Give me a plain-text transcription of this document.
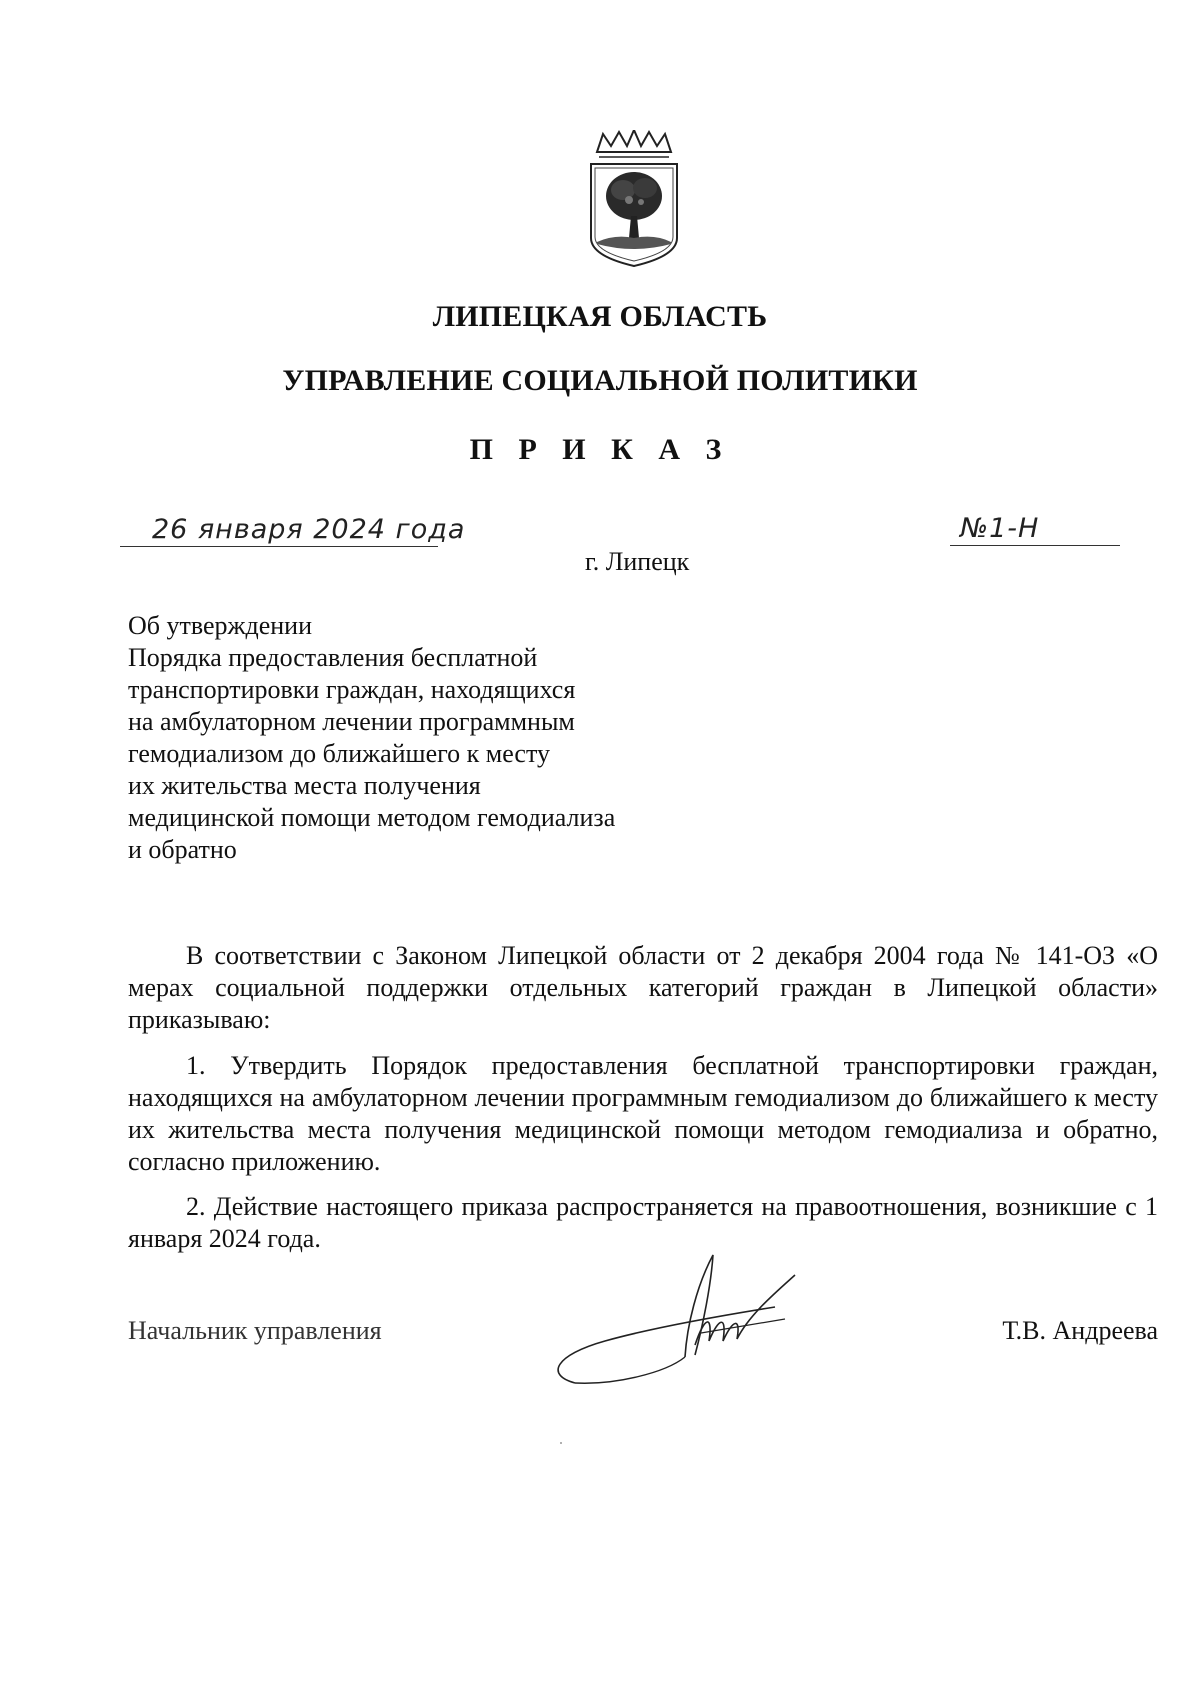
ЛИПЕЦКАЯ ОБЛАСТЬ
УПРАВЛЕНИЕ СОЦИАЛЬНОЙ ПОЛИТИКИ
П Р И К А З
26 января 2024 года	№1-Н
г. Липецк
Об утверждении
Порядка предоставления бесплатной
транспортировки граждан, находящихся
на амбулаторном лечении программным
гемодиализом до ближайшего к месту
их жительства места получения
медицинской помощи методом гемодиализа
и обратно

В соответствии с Законом Липецкой области от 2 декабря 2004 года № 141-ОЗ «О мерах социальной поддержки отдельных категорий граждан в Липецкой области» приказываю:

1. Утвердить Порядок предоставления бесплатной транспортировки граждан, находящихся на амбулаторном лечении программным гемодиализом до ближайшего к месту их жительства места получения медицинской помощи методом гемодиализа и обратно, согласно приложению.

2. Действие настоящего приказа распространяется на правоотношения, возникшие с 1 января 2024 года.

Начальник управления	Т.В. Андреева
